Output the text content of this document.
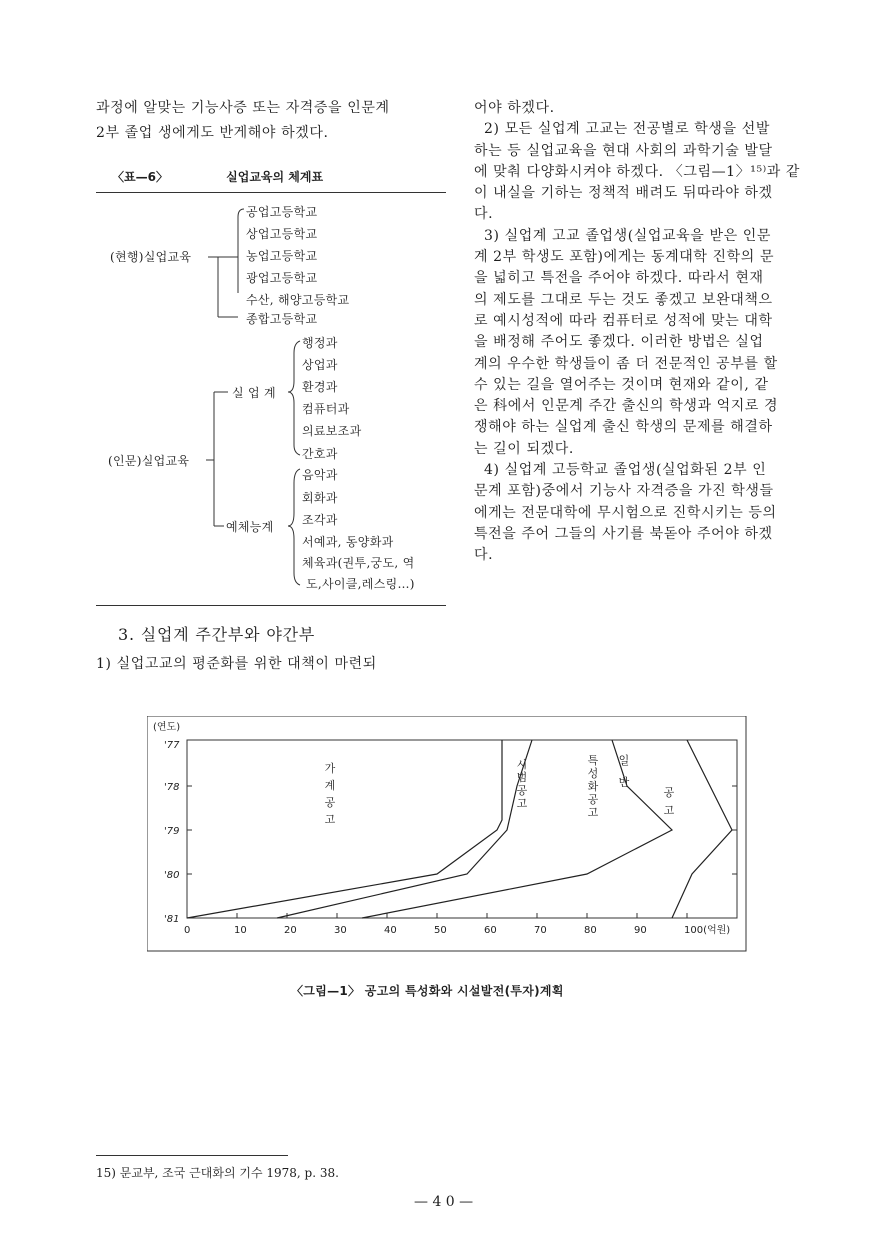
과정에 알맞는 기능사증 또는 자격증을 인문계
2부 졸업 생에게도 반게해야 하겠다.
〈표—6〉	실업교육의 체계표
(현행)실업교육
공업고등학교
상업고등학교
농업고등학교
광업고등학교
수산, 해양고등학교
종합고등학교
(인문)실업교육
실 업 계
예체능계
행정과
상업과
환경과
컴퓨터과
의료보조과
간호과
음악과
회화과
조각과
서예과, 동양화과
체육과(권투,궁도, 역
도,사이클,레스링…)
3. 실업계 주간부와 야간부
1) 실업고교의 평준화를 위한 대책이 마련되
어야 하겠다.
2) 모든 실업계 고교는 전공별로 학생을 선발
하는 등 실업교육을 현대 사회의 과학기술 발달
에 맞춰 다양화시켜야 하겠다. 〈그림—1〉¹⁵⁾과 같
이 내실을 기하는 정책적 배려도 뒤따라야 하겠
다.
3) 실업계 고교 졸업생(실업교육을 받은 인문
계 2부 학생도 포함)에게는 동계대학 진학의 문
을 넓히고 특전을 주어야 하겠다. 따라서 현재
의 제도를 그대로 두는 것도 좋겠고 보완대책으
로 예시성적에 따라 컴퓨터로 성적에 맞는 대학
을 배정해 주어도 좋겠다. 이러한 방법은 실업
계의 우수한 학생들이 좀 더 전문적인 공부를 할
수 있는 길을 열어주는 것이며 현재와 같이, 같
은 科에서 인문계 주간 출신의 학생과 억지로 경
쟁해야 하는 실업계 출신 학생의 문제를 해결하
는 길이 되겠다.
4) 실업계 고등학교 졸업생(실업화된 2부 인
문계 포함)중에서 기능사 자격증을 가진 학생들
에게는 전문대학에 무시험으로 진학시키는 등의
특전을 주어 그들의 사기를 북돋아 주어야 하겠
다.
(연도)
'77
'78
'79
'80
'81
0	10	20	30	40	50	60	70	80	90	100(억원)
가
계
공
고
시
범
공
고
특
성
화
공
고
일
반
공
고
〈그림—1〉 공고의 특성화와 시설발전(투자)계획
15) 문교부, 조국 근대화의 기수 1978, p. 38.
— 4 0 —
